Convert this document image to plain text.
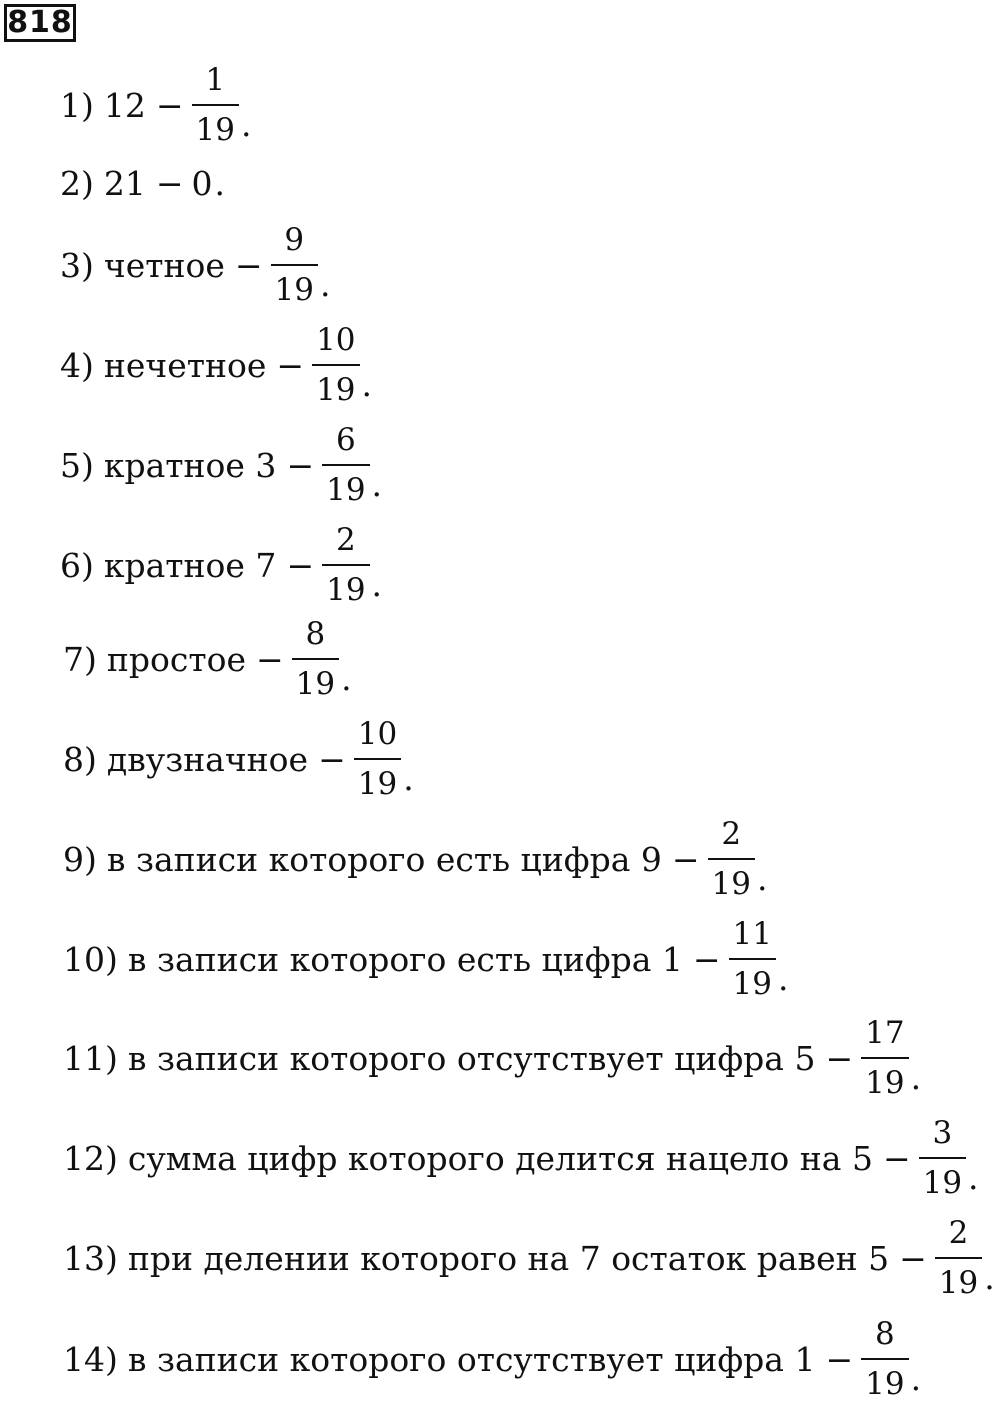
818
1) $12 - \frac{1}{19}$ .
2) 21 − 0 .
3) четное − $\frac{9}{19}$ .
4) нечетное − $\frac{10}{19}$ .
5) кратное $3 - \frac{6}{19}$ .
6) кратное $7 - \frac{2}{19}$ .
7) простое − $\frac{8}{19}$ .
8) двузначное − $\frac{10}{19}$ .
9) в записи которого есть цифра $9 - \frac{2}{19}$ .
10) в записи которого есть цифра $1 - \frac{11}{19}$ .
11) в записи которого отсутствует цифра $5 - \frac{17}{19}$ .
12) сумма цифр которого делится нацело на $5 - \frac{3}{19}$ .
13) при делении которого на 7 остаток равен $5 - \frac{2}{19}$ .
14) в записи которого отсутствует цифра $1 - \frac{8}{19}$ .
